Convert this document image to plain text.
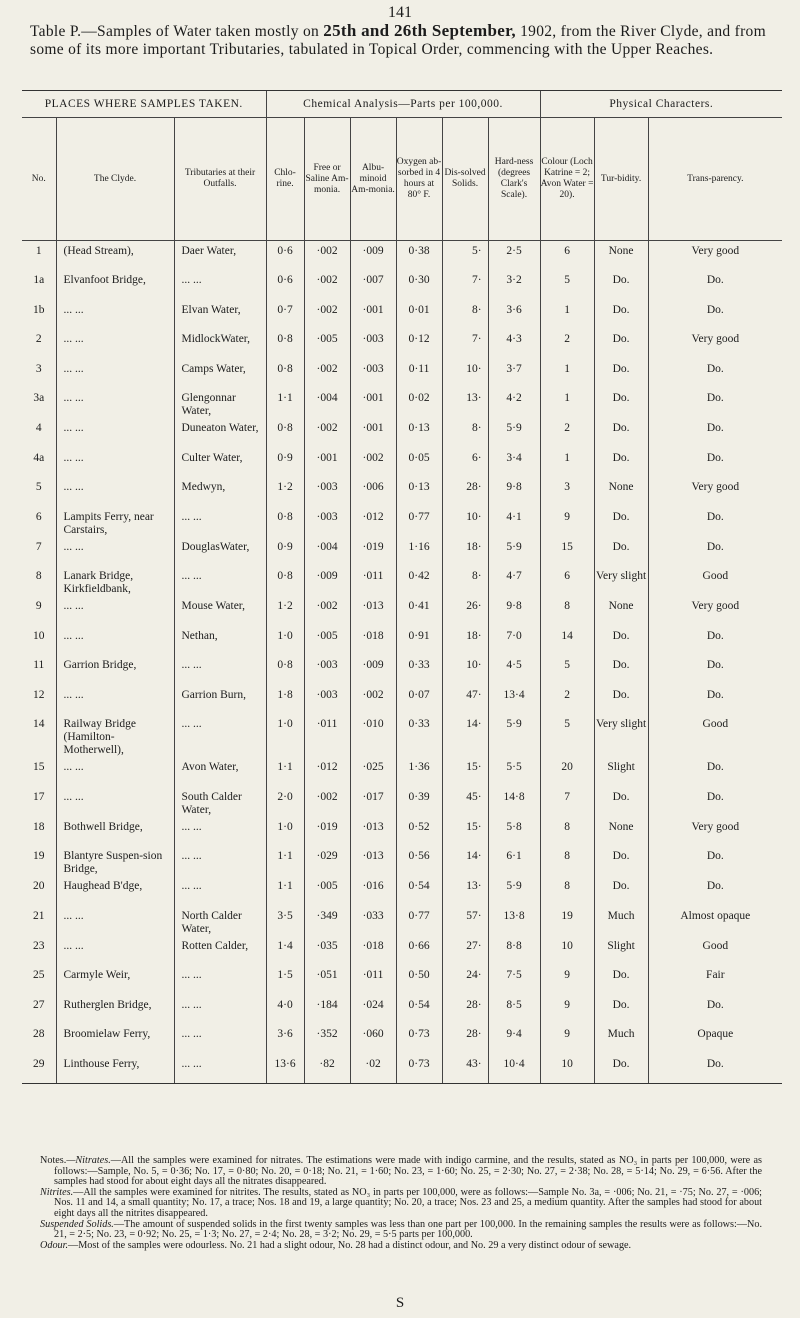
141
Table P.—Samples of Water taken mostly on 25th and 26th September, 1902, from the River Clyde, and from some of its more important Tributaries, tabulated in Topical Order, commencing with the Upper Reaches.
PLACES WHERE SAMPLES TAKEN.			Chemical Analysis—Parts per 100,000.						Physical Characters.		
No.	The Clyde.	Tributaries at their Outfalls.	Chlo-rine.	Free or Saline Am-monia.	Albu-minoid Am-monia.	Oxygen ab-sorbed in 4 hours at 80° F.	Dis-solved Solids.	Hard-ness (degrees Clark's Scale).	Colour (Loch Katrine = 2; Avon Water = 20).	Tur-bidity.	Trans-parency.
1	(Head Stream),	Daer Water,	0·6	·002	·009	0·38	5·	2·5	6	None	Very good
1a	Elvanfoot Bridge,	... ...	0·6	·002	·007	0·30	7·	3·2	5	Do.	Do.
1b	... ...	Elvan Water,	0·7	·002	·001	0·01	8·	3·6	1	Do.	Do.
2	... ...	MidlockWater,	0·8	·005	·003	0·12	7·	4·3	2	Do.	Very good
3	... ...	Camps Water,	0·8	·002	·003	0·11	10·	3·7	1	Do.	Do.
3a	... ...	Glengonnar Water,	1·1	·004	·001	0·02	13·	4·2	1	Do.	Do.
4	... ...	Duneaton Water,	0·8	·002	·001	0·13	8·	5·9	2	Do.	Do.
4a	... ...	Culter Water,	0·9	·001	·002	0·05	6·	3·4	1	Do.	Do.
5	... ...	Medwyn,	1·2	·003	·006	0·13	28·	9·8	3	None	Very good
6	Lampits Ferry, near Carstairs,	... ...	0·8	·003	·012	0·77	10·	4·1	9	Do.	Do.
7	... ...	DouglasWater,	0·9	·004	·019	1·16	18·	5·9	15	Do.	Do.
8	Lanark Bridge, Kirkfieldbank,	... ...	0·8	·009	·011	0·42	8·	4·7	6	Very slight	Good
9	... ...	Mouse Water,	1·2	·002	·013	0·41	26·	9·8	8	None	Very good
10	... ...	Nethan,	1·0	·005	·018	0·91	18·	7·0	14	Do.	Do.
11	Garrion Bridge,	... ...	0·8	·003	·009	0·33	10·	4·5	5	Do.	Do.
12	... ...	Garrion Burn,	1·8	·003	·002	0·07	47·	13·4	2	Do.	Do.
14	Railway Bridge (Hamilton-Motherwell),	... ...	1·0	·011	·010	0·33	14·	5·9	5	Very slight	Good
15	... ...	Avon Water,	1·1	·012	·025	1·36	15·	5·5	20	Slight	Do.
17	... ...	South Calder Water,	2·0	·002	·017	0·39	45·	14·8	7	Do.	Do.
18	Bothwell Bridge,	... ...	1·0	·019	·013	0·52	15·	5·8	8	None	Very good
19	Blantyre Suspen-sion Bridge,	... ...	1·1	·029	·013	0·56	14·	6·1	8	Do.	Do.
20	Haughead B'dge,	... ...	1·1	·005	·016	0·54	13·	5·9	8	Do.	Do.
21	... ...	North Calder Water,	3·5	·349	·033	0·77	57·	13·8	19	Much	Almost opaque
23	... ...	Rotten Calder,	1·4	·035	·018	0·66	27·	8·8	10	Slight	Good
25	Carmyle Weir,	... ...	1·5	·051	·011	0·50	24·	7·5	9	Do.	Fair
27	Rutherglen Bridge,	... ...	4·0	·184	·024	0·54	28·	8·5	9	Do.	Do.
28	Broomielaw Ferry,	... ...	3·6	·352	·060	0·73	28·	9·4	9	Much	Opaque
29	Linthouse Ferry,	... ...	13·6	·82	·02	0·73	43·	10·4	10	Do.	Do.

Notes.—Nitrates.—All the samples were examined for nitrates. The estimations were made with indigo carmine, and the results, stated as NO₃ in parts per 100,000, were as follows:—Sample, No. 5, = 0·36; No. 17, = 0·80; No. 20, = 0·18; No. 21, = 1·60; No. 23, = 1·60; No. 25, = 2·30; No. 27, = 2·38; No. 28, = 5·14; No. 29, = 6·56. After the samples had stood for about eight days all the nitrates disappeared.

Nitrites.—All the samples were examined for nitrites. The results, stated as NO₃ in parts per 100,000, were as follows:—Sample No. 3a, = ·006; No. 21, = ·75; No. 27, = ·006; Nos. 11 and 14, a small quantity; No. 17, a trace; Nos. 18 and 19, a large quantity; No. 20, a trace; Nos. 23 and 25, a medium quantity. After the samples had stood for about eight days all the nitrites disappeared.

Suspended Solids.—The amount of suspended solids in the first twenty samples was less than one part per 100,000. In the remaining samples the results were as follows:—No. 21, = 2·5; No. 23, = 0·92; No. 25, = 1·3; No. 27, = 2·4; No. 28, = 3·2; No. 29, = 5·5 parts per 100,000.

Odour.—Most of the samples were odourless. No. 21 had a slight odour, No. 28 had a distinct odour, and No. 29 a very distinct odour of sewage.

S
